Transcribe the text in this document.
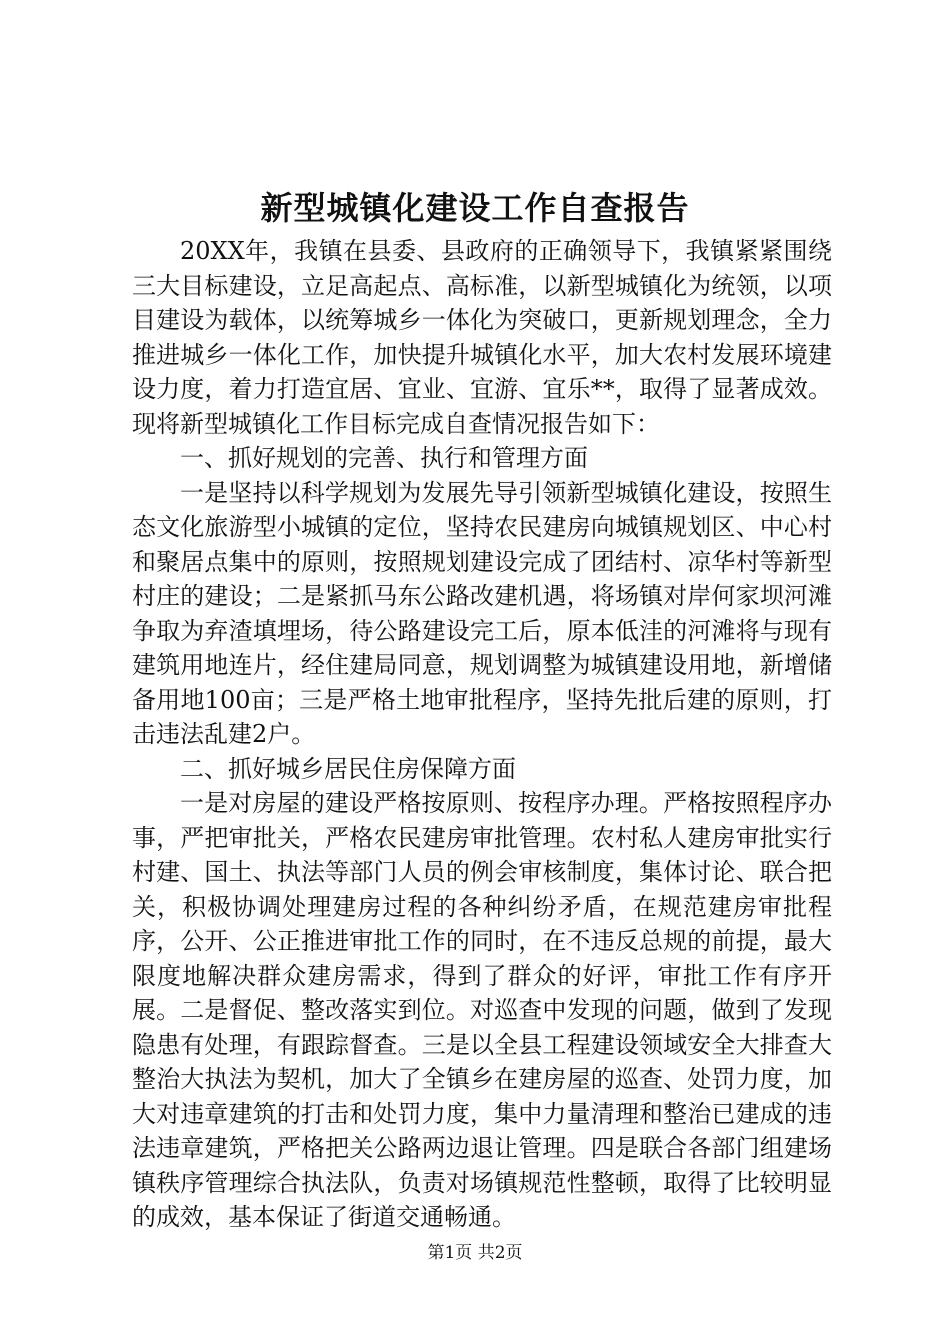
新型城镇化建设工作自查报告

20XX年，我镇在县委、县政府的正确领导下，我镇紧紧围绕三大目标建设，立足高起点、高标准，以新型城镇化为统领，以项目建设为载体，以统筹城乡一体化为突破口，更新规划理念，全力推进城乡一体化工作，加快提升城镇化水平，加大农村发展环境建设力度，着力打造宜居、宜业、宜游、宜乐**，取得了显著成效。现将新型城镇化工作目标完成自查情况报告如下：

一、抓好规划的完善、执行和管理方面

一是坚持以科学规划为发展先导引领新型城镇化建设，按照生态文化旅游型小城镇的定位，坚持农民建房向城镇规划区、中心村和聚居点集中的原则，按照规划建设完成了团结村、凉华村等新型村庄的建设；二是紧抓马东公路改建机遇，将场镇对岸何家坝河滩争取为弃渣填埋场，待公路建设完工后，原本低洼的河滩将与现有建筑用地连片，经住建局同意，规划调整为城镇建设用地，新增储备用地100亩；三是严格土地审批程序，坚持先批后建的原则，打击违法乱建2户。

二、抓好城乡居民住房保障方面

一是对房屋的建设严格按原则、按程序办理。严格按照程序办事，严把审批关，严格农民建房审批管理。农村私人建房审批实行村建、国土、执法等部门人员的例会审核制度，集体讨论、联合把关，积极协调处理建房过程的各种纠纷矛盾，在规范建房审批程序，公开、公正推进审批工作的同时，在不违反总规的前提，最大限度地解决群众建房需求，得到了群众的好评，审批工作有序开展。二是督促、整改落实到位。对巡查中发现的问题，做到了发现隐患有处理，有跟踪督查。三是以全县工程建设领域安全大排查大整治大执法为契机，加大了全镇乡在建房屋的巡查、处罚力度，加大对违章建筑的打击和处罚力度，集中力量清理和整治已建成的违法违章建筑，严格把关公路两边退让管理。四是联合各部门组建场镇秩序管理综合执法队，负责对场镇规范性整顿，取得了比较明显的成效，基本保证了街道交通畅通。

第1页 共2页
